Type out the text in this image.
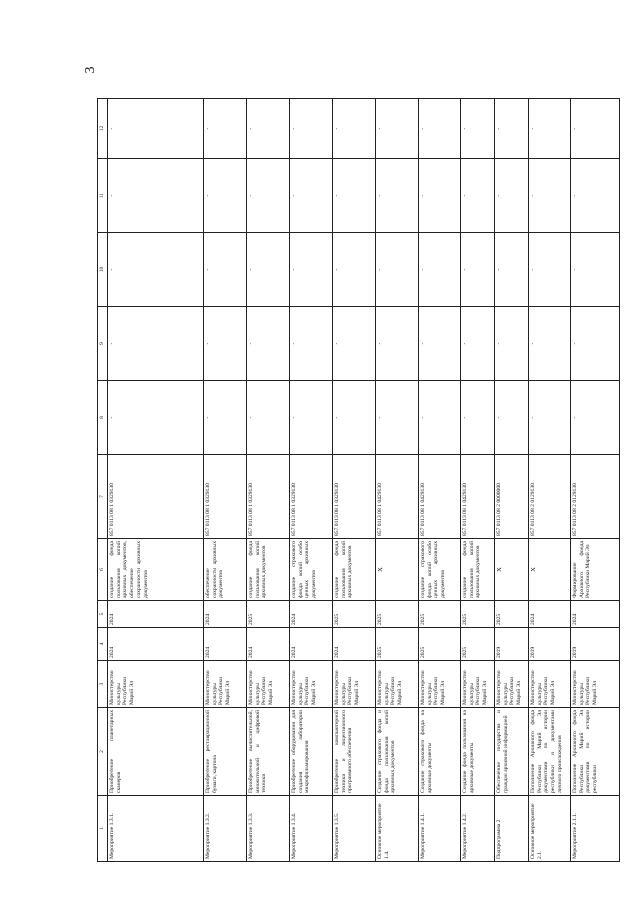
3
1	2	3	4	5	6	7	8	9	10	11	12
Мероприятие 1.3.1.	Приобретение планетарных сканеров	Министерство культуры Республики Марий Эл	2024	2024	создание фонда пользования копий архивных документов, обеспечение сохранности архивных документов	857 0113 08 1 0329130	-	-	-	-	-
Мероприятие 1.3.2.	Приобретение реставрационной бумаги, картона	Министерство культуры Республики Марий Эл	2024	2024	обеспечение сохранности архивных документов	857 0113 08 1 0329130	-	-	-	-	-
Мероприятие 1.3.3.	Приобретение вычислительной, множительной и цифровой техники	Министерство культуры Республики Марий Эл	2024	2025	создание фонда пользования копий архивных документов	857 0113 08 1 0329130	-	-	-	-	-
Мероприятие 1.3.4.	Приобретение оборудования для создания лаборатории микрофильмирования	Министерство культуры Республики Марий Эл	2024	2024	создание страхового фонда копий особо ценных архивных документов	857 0113 08 1 0329130	-	-	-	-	-
Мероприятие 1.3.5.	Приобретение компьютерной техники и лицензионного программного обеспечения	Министерство культуры Республики Марий Эл	2024	2025	создание фонда пользования копий архивных документов	857 0113 08 1 0329130	-	-	-	-	-
Основное мероприятие 1.4.	Создание страхового фонда и фонда пользования копий архивных документов	Министерство культуры Республики Марий Эл	2025	2025	X	857 0113 08 1 0429130	-	-	-	-	-
Мероприятие 1.4.1.	Создание страхового фонда на архивные документы	Министерство культуры Республики Марий Эл	2025	2025	создание страхового фонда копий особо ценных архивных документов	857 0113 08 1 0429130	-	-	-	-	-
Мероприятие 1.4.2.	Создание фонда пользования на архивные документы	Министерство культуры Республики Марий Эл	2025	2025	создание фонда пользования копий архивных документов	857 0113 08 1 0429130	-	-	-	-	-
Подпрограмма 2	Обеспечение государства и граждан архивной информацией	Министерство культуры Республики Марий Эл	2019	2025	X	857 0113 08 2 0000000	-	-	-	-	-
Основное мероприятие 2.1.	Пополнение Архивного фонда Республики Марий Эл документами по истории республики и документами личного происхождения	Министерство культуры Республики Марий Эл	2019	2024	X	857 0113 08 2 0129130	-	-	-	-	-
Мероприятие 2.1.1.	Пополнение Архивного фонда Республики Марий Эл документами по истории республики	Министерство культуры Республики Марий Эл	2019	2024	Формирование Архивного фонда Республики Марий Эл	857 0113 08 2 0129130	-	-	-	-	-
